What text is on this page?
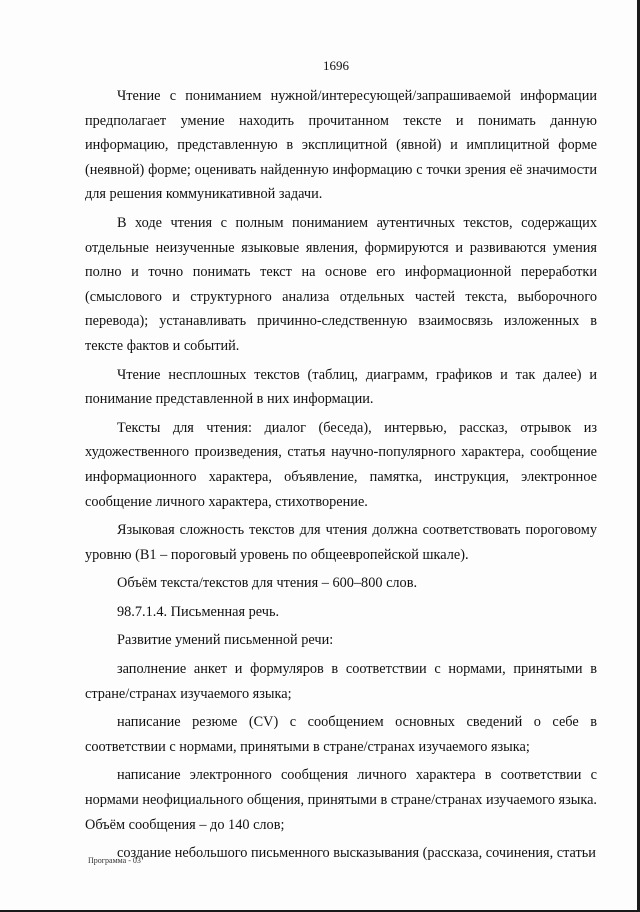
1696

Чтение с пониманием нужной/интересующей/запрашиваемой информации предполагает умение находить прочитанном тексте и понимать данную информацию, представленную в эксплицитной (явной) и имплицитной форме (неявной) форме; оценивать найденную информацию с точки зрения её значимости для решения коммуникативной задачи.

В ходе чтения с полным пониманием аутентичных текстов, содержащих отдельные неизученные языковые явления, формируются и развиваются умения полно и точно понимать текст на основе его информационной переработки (смыслового и структурного анализа отдельных частей текста, выборочного перевода); устанавливать причинно-следственную взаимосвязь изложенных в тексте фактов и событий.

Чтение несплошных текстов (таблиц, диаграмм, графиков и так далее) и понимание представленной в них информации.

Тексты для чтения: диалог (беседа), интервью, рассказ, отрывок из художественного произведения, статья научно-популярного характера, сообщение информационного характера, объявление, памятка, инструкция, электронное сообщение личного характера, стихотворение.

Языковая сложность текстов для чтения должна соответствовать пороговому уровню (В1 – пороговый уровень по общеевропейской шкале).

Объём текста/текстов для чтения – 600–800 слов.

98.7.1.4. Письменная речь.

Развитие умений письменной речи:

заполнение анкет и формуляров в соответствии с нормами, принятыми в стране/странах изучаемого языка;

написание резюме (CV) с сообщением основных сведений о себе в соответствии с нормами, принятыми в стране/странах изучаемого языка;

написание электронного сообщения личного характера в соответствии с нормами неофициального общения, принятыми в стране/странах изучаемого языка. Объём сообщения – до 140 слов;

создание небольшого письменного высказывания (рассказа, сочинения, статьи

Программа - 03
